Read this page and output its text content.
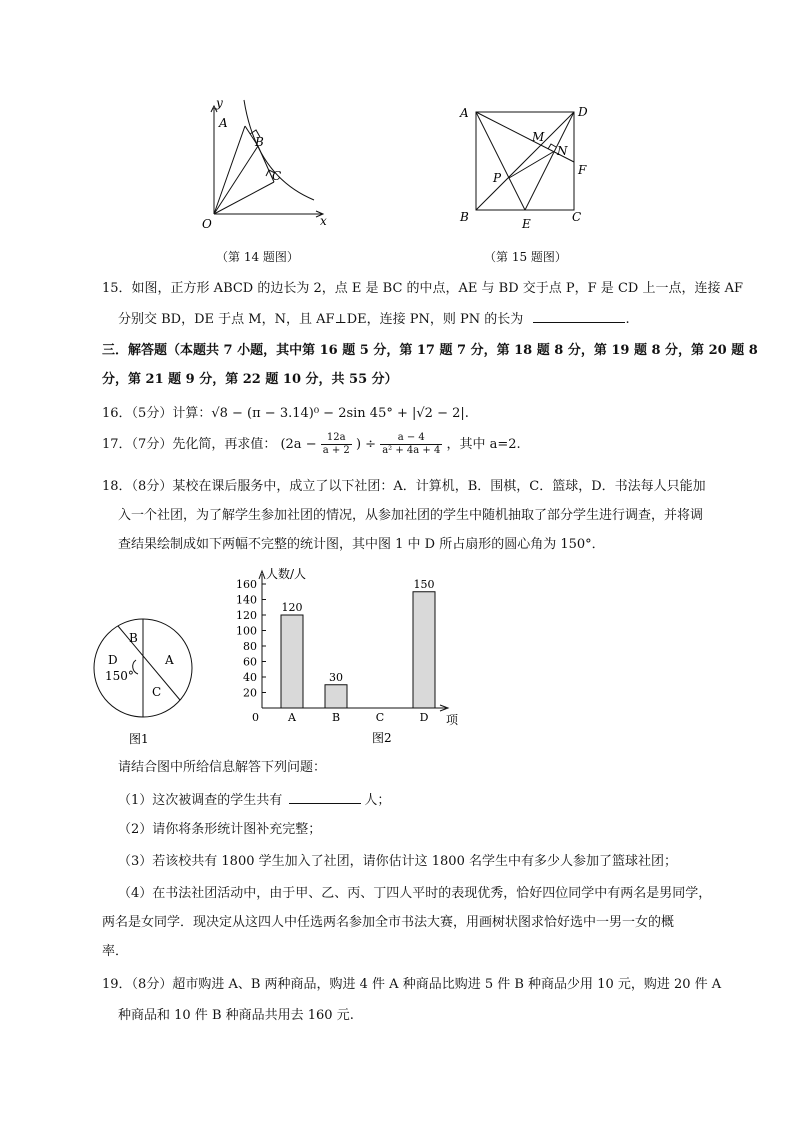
y
x
O
A
B
C
（第 14 题图）
A	D
M
N
F
P
B	E	C
（第 15 题图）
15．如图，正方形 ABCD 的边长为 2，点 E 是 BC 的中点，AE 与 BD 交于点 P，F 是 CD 上一点，连接 AF
分别交 BD，DE 于点 M，N，且 AF⊥DE，连接 PN，则 PN 的长为	.
三．解答题（本题共 7 小题，其中第 16 题 5 分，第 17 题 7 分，第 18 题 8 分，第 19 题 8 分，第 20 题 8
分，第 21 题 9 分，第 22 题 10 分，共 55 分）
16．（5分）计算：√8 − (π − 3.14)⁰ − 2sin 45° + |√2 − 2|.
17．（7分）先化简，再求值： ($2a - \frac{12a}{a + 2}$ ) ÷ $\frac{a - 4}{\text{a² + 4a + 4}}$ ，其中 a=2.
18．（8分）某校在课后服务中，成立了以下社团：A．计算机，B．围棋，C．篮球，D．书法每人只能加
入一个社团，为了解学生参加社团的情况，从参加社团的学生中随机抽取了部分学生进行调查，并将调
查结果绘制成如下两幅不完整的统计图，其中图 1 中 D 所占扇形的圆心角为 150°．
B
A
D
150°
C
图1
人数/人
项
0
20
40
60
80
100
120
140
160
A
120
B
30
C	D
150
图2
请结合图中所给信息解答下列问题：
（1）这次被调查的学生共有	人；
（2）请你将条形统计图补充完整；
（3）若该校共有 1800 学生加入了社团，请你估计这 1800 名学生中有多少人参加了篮球社团；
（4）在书法社团活动中，由于甲、乙、丙、丁四人平时的表现优秀，恰好四位同学中有两名是男同学，
两名是女同学．现决定从这四人中任选两名参加全市书法大赛，用画树状图求恰好选中一男一女的概
率．
19．（8分）超市购进 A、B 两种商品，购进 4 件 A 种商品比购进 5 件 B 种商品少用 10 元，购进 20 件 A
种商品和 10 件 B 种商品共用去 160 元.
